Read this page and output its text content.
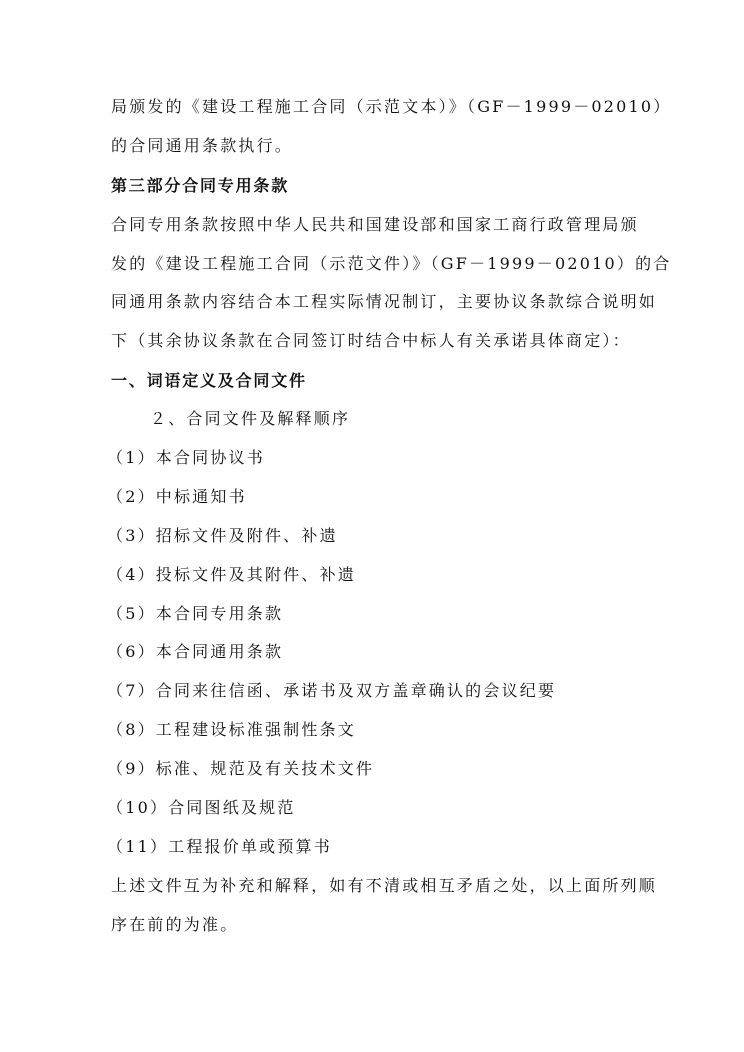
局颁发的《建设工程施工合同（示范文本）》（GF－1999－02010）
的合同通用条款执行。
第三部分合同专用条款
合同专用条款按照中华人民共和国建设部和国家工商行政管理局颁
发的《建设工程施工合同（示范文件）》（GF－1999－02010）的合
同通用条款内容结合本工程实际情况制订，主要协议条款综合说明如
下（其余协议条款在合同签订时结合中标人有关承诺具体商定）：
一、词语定义及合同文件
２、合同文件及解释顺序
（1）本合同协议书
（2）中标通知书
（3）招标文件及附件、补遗
（4）投标文件及其附件、补遗
（5）本合同专用条款
（6）本合同通用条款
（7）合同来往信函、承诺书及双方盖章确认的会议纪要
（8）工程建设标准强制性条文
（9）标准、规范及有关技术文件
（10）合同图纸及规范
（11）工程报价单或预算书
上述文件互为补充和解释，如有不清或相互矛盾之处，以上面所列顺
序在前的为准。
